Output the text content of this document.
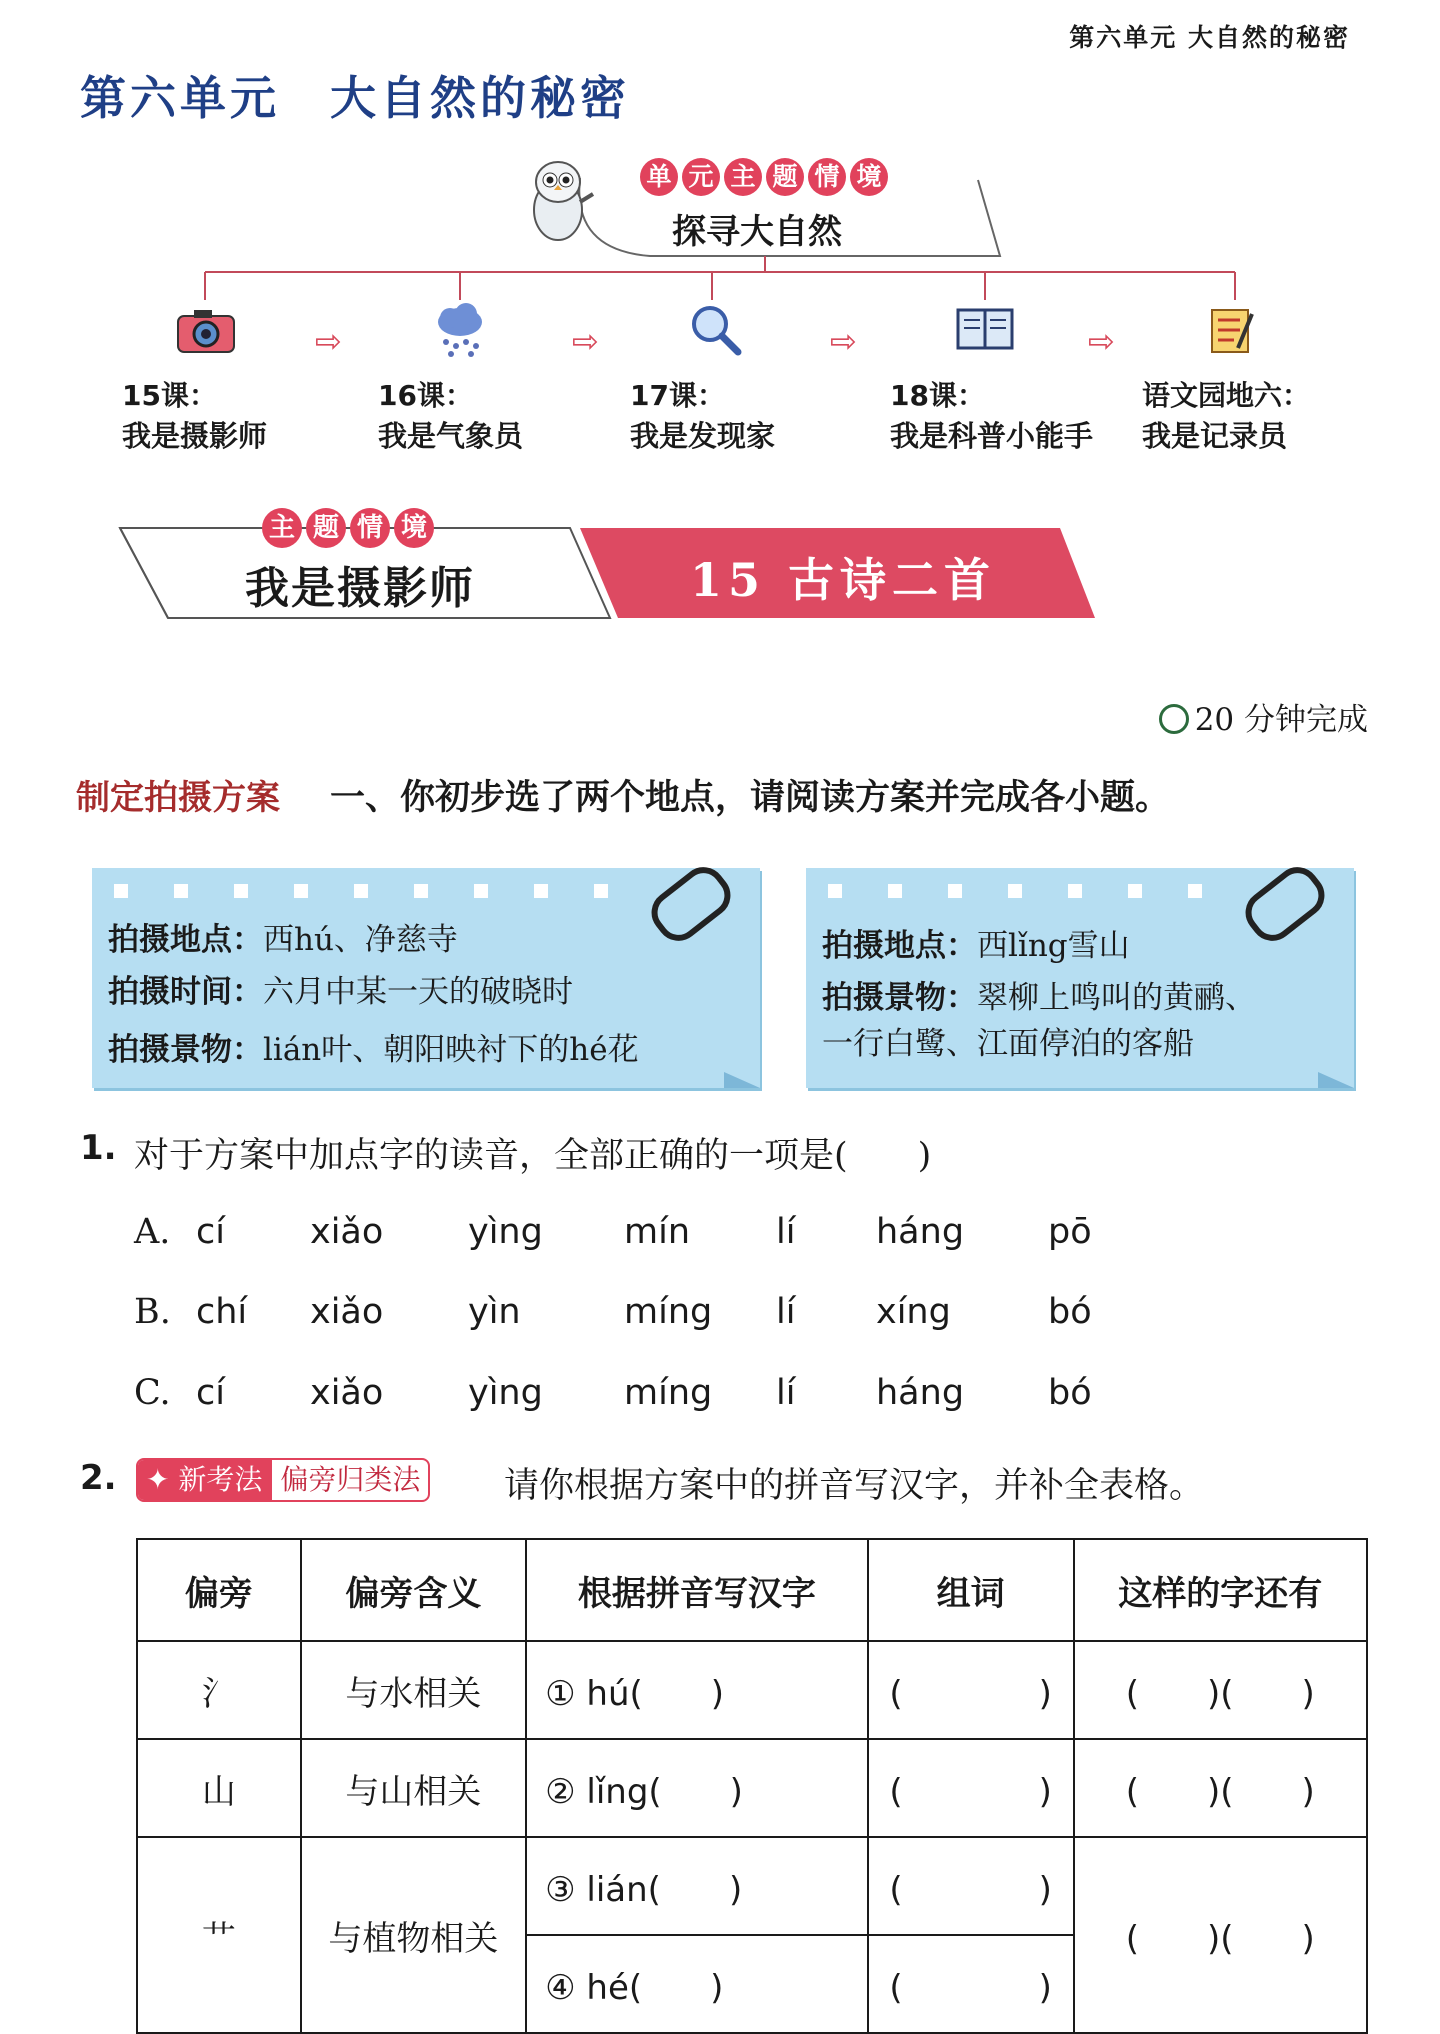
第六单元 大自然的秘密
第六单元 大自然的秘密
单 元 主 题 情 境
探寻大自然
⇨	⇨	⇨	⇨
15课：
我是摄影师
16课：
我是气象员
17课：
我是发现家
18课：
我是科普小能手
语文园地六：
我是记录员
主 题 情 境
我是摄影师	15 古诗二首
20 分钟完成
制定拍摄方案 一、你初步选了两个地点，请阅读方案并完成各小题。
拍摄地点：西hú、净慈寺
拍摄时间：六月中某一天的破晓时
拍摄景物：lián叶、朝阳映衬下的hé花
拍摄地点：西lǐng雪山
拍摄景物：翠柳上鸣叫的黄鹂、
一行白鹭、江面停泊的客船
1. 对于方案中加点字的读音，全部正确的一项是(　　)
A. cí xiǎo yìng mín lí háng pō
B. chí xiǎo yìn	míng lí xíng	bó
C. cí xiǎo yìng míng lí háng bó
2. ✦ 新考法 偏旁归类法 请你根据方案中的拼音写汉字，并补全表格。
偏旁	偏旁含义	根据拼音写汉字	组词	这样的字还有
氵	与水相关	① hú(　　)	(　　　　)	(　　)(　　)
山	与山相关	② lǐng(　　)	(　　　　)	(　　)(　　)
艹	与植物相关	③ lián(　　)	(　　　　)	(　　)(　　)
		④ hé(　　)	(　　　　)	
